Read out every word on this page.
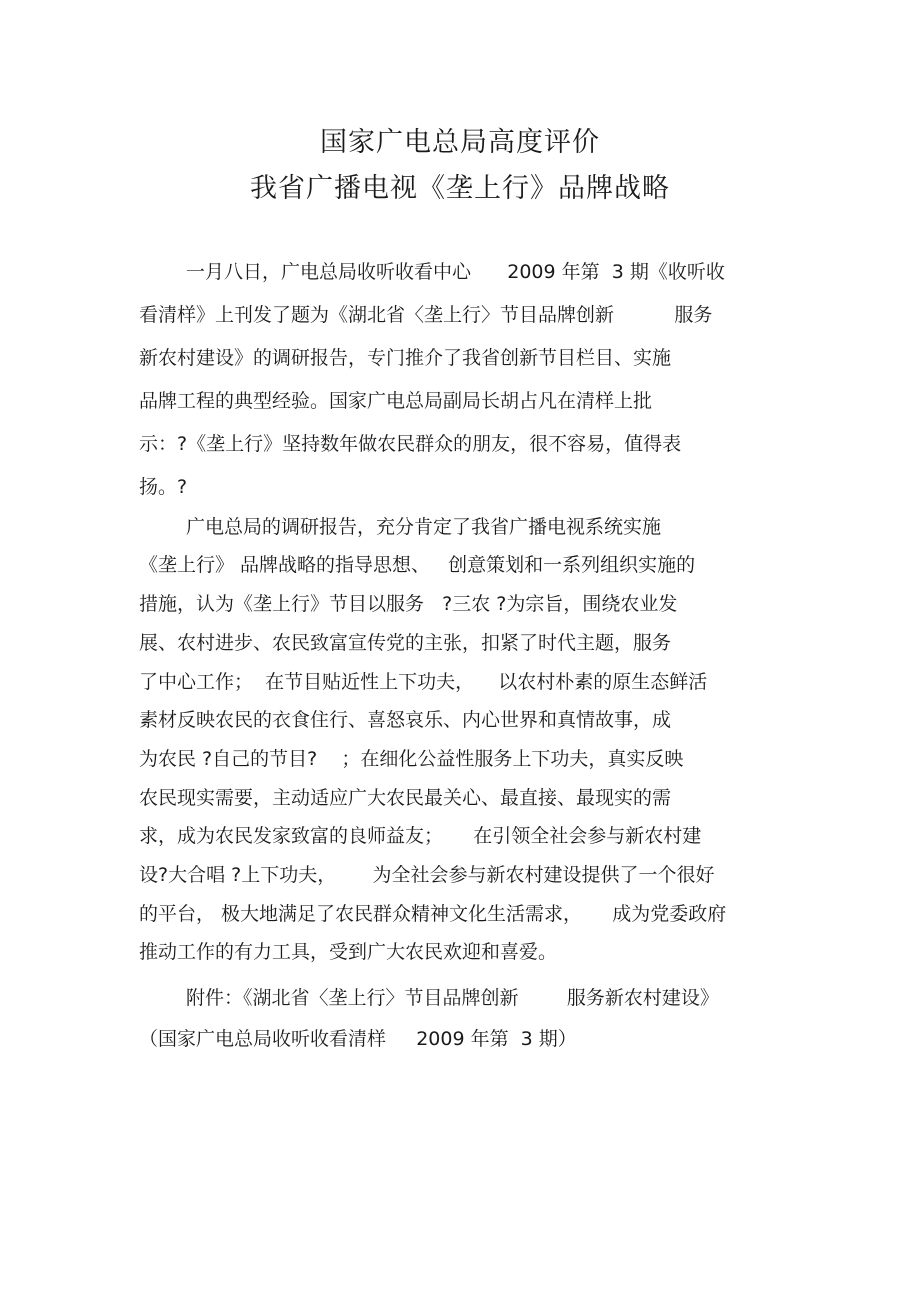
国家广电总局高度评价
我省广播电视《垄上行》品牌战略
一月八日，广电总局收听收看中心      2009 年第  3 期《收听收
看清样》上刊发了题为《湖北省〈垄上行〉节目品牌创新          服务
新农村建设》的调研报告，专门推介了我省创新节目栏目、实施
品牌工程的典型经验。国家广电总局副局长胡占凡在清样上批
示：?《垄上行》坚持数年做农民群众的朋友，很不容易，值得表
扬。?
广电总局的调研报告，充分肯定了我省广播电视系统实施
《垄上行》 品牌战略的指导思想、   创意策划和一系列组织实施的
措施，认为《垄上行》节目以服务   ?三农 ?为宗旨，围绕农业发
展、农村进步、农民致富宣传党的主张，扣紧了时代主题，服务
了中心工作；  在节目贴近性上下功夫，    以农村朴素的原生态鲜活
素材反映农民的衣食住行、喜怒哀乐、内心世界和真情故事，成
为农民 ?自己的节目?    ；在细化公益性服务上下功夫，真实反映
农民现实需要，主动适应广大农民最关心、最直接、最现实的需
求，成为农民发家致富的良师益友；     在引领全社会参与新农村建
设?大合唱 ?上下功夫，      为全社会参与新农村建设提供了一个很好
的平台， 极大地满足了农民群众精神文化生活需求，     成为党委政府
推动工作的有力工具，受到广大农民欢迎和喜爱。
附件：《湖北省〈垄上行〉节目品牌创新        服务新农村建设》
（国家广电总局收听收看清样     2009 年第  3 期）
